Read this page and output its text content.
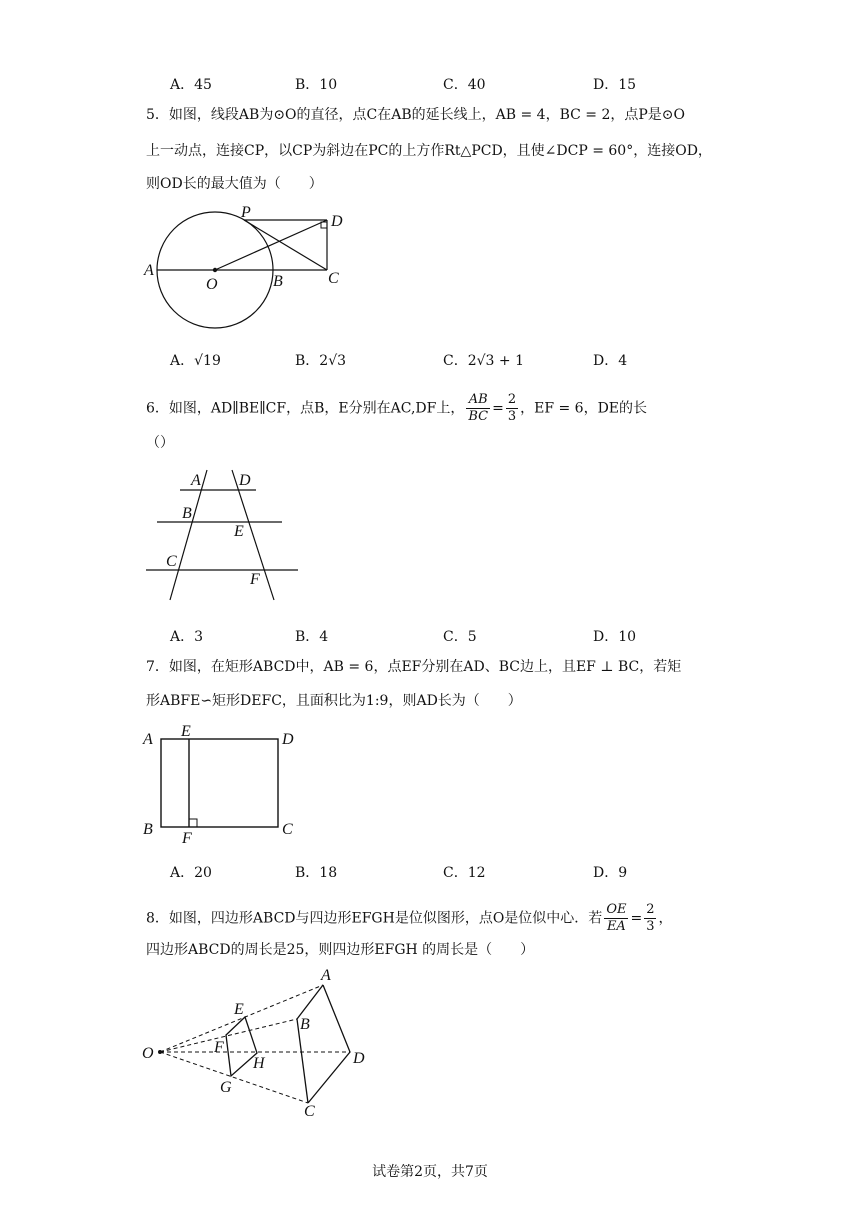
A．45	B．10	C．40	D．15
5．如图，线段AB为⊙O的直径，点C在AB的延长线上，AB = 4，BC = 2，点P是⊙O
上一动点，连接CP，以CP为斜边在PC的上方作Rt△PCD，且使∠DCP = 60°，连接OD，
则OD长的最大值为（　　）
P
D
A
O	B	C
A．√19	B．2√3	C．2√3 + 1	D．4
6．如图，AD∥BE∥CF，点B，E分别在AC,DF上， $\frac{AB}{BC} = \frac{2}{3}$ ，EF = 6，DE的长
（）
A D
B
E
C
F
A．3	B．4	C．5	D．10
7．如图，在矩形ABCD中，AB = 6，点EF分别在AD、BC边上，且EF ⊥ BC，若矩
形ABFE∽矩形DEFC，且面积比为1:9，则AD长为（　　）
A E	D
B
F
C
A．20	B．18	C．12	D．9
8．如图，四边形ABCD与四边形EFGH是位似图形，点O是位似中心．若 $\frac{OE}{EA} = \frac{2}{3}$ ，
四边形ABCD的周长是25，则四边形EFGH 的周长是（　　）
A
E
B
F
H	D
O
G
C
试卷第2页，共7页
